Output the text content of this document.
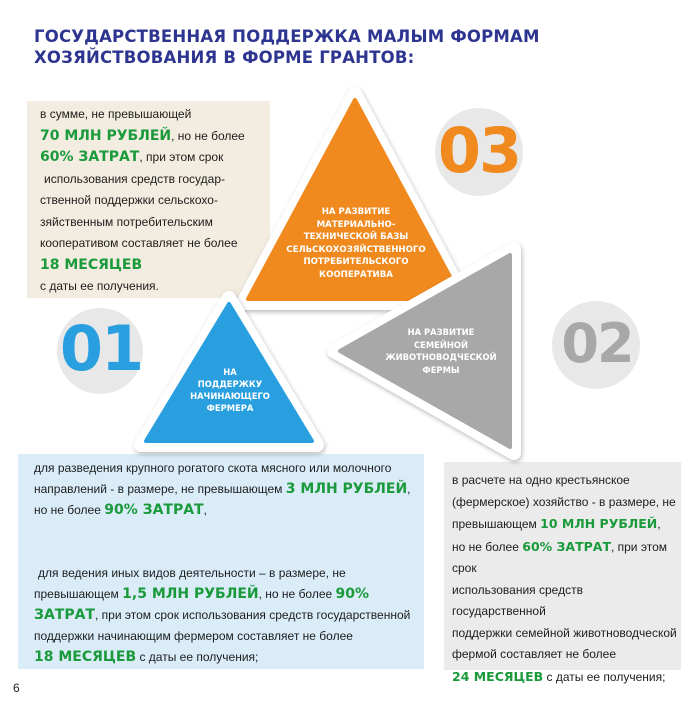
ГОСУДАРСТВЕННАЯ ПОДДЕРЖКА МАЛЫМ ФОРМАМ
ХОЗЯЙСТВОВАНИЯ В ФОРМЕ ГРАНТОВ:
03
02
01
НА РАЗВИТИЕ
МАТЕРИАЛЬНО-
ТЕХНИЧЕСКОЙ БАЗЫ
СЕЛЬСКОХОЗЯЙСТВЕННОГО
ПОТРЕБИТЕЛЬСКОГО
КООПЕРАТИВА
НА РАЗВИТИЕ
СЕМЕЙНОЙ
ЖИВОТНОВОДЧЕСКОЙ
ФЕРМЫ
НА
ПОДДЕРЖКУ
НАЧИНАЮЩЕГО
ФЕРМЕРА
в сумме, не превышающей
70 МЛН РУБЛЕЙ, но не более
60% ЗАТРАТ, при этом срок
использования средств государ-
ственной поддержки сельскохо-
зяйственным потребительским
кооперативом составляет не более
18 МЕСЯЦЕВ
с даты ее получения.
для разведения крупного рогатого скота мясного или молочного
направлений - в размере, не превышающем 3 МЛН РУБЛЕЙ,
но не более 90% ЗАТРАТ,
для ведения иных видов деятельности – в размере, не
превышающем 1,5 МЛН РУБЛЕЙ, но не более 90%
ЗАТРАТ, при этом срок использования средств государственной
поддержки начинающим фермером составляет не более
18 МЕСЯЦЕВ с даты ее получения;
в расчете на одно крестьянское
(фермерское) хозяйство - в размере, не
превышающем 10 МЛН РУБЛЕЙ,
но не более 60% ЗАТРАТ, при этом срок
использования средств государственной
поддержки семейной животноводческой
фермой составляет не более
24 МЕСЯЦЕВ с даты ее получения;
6
